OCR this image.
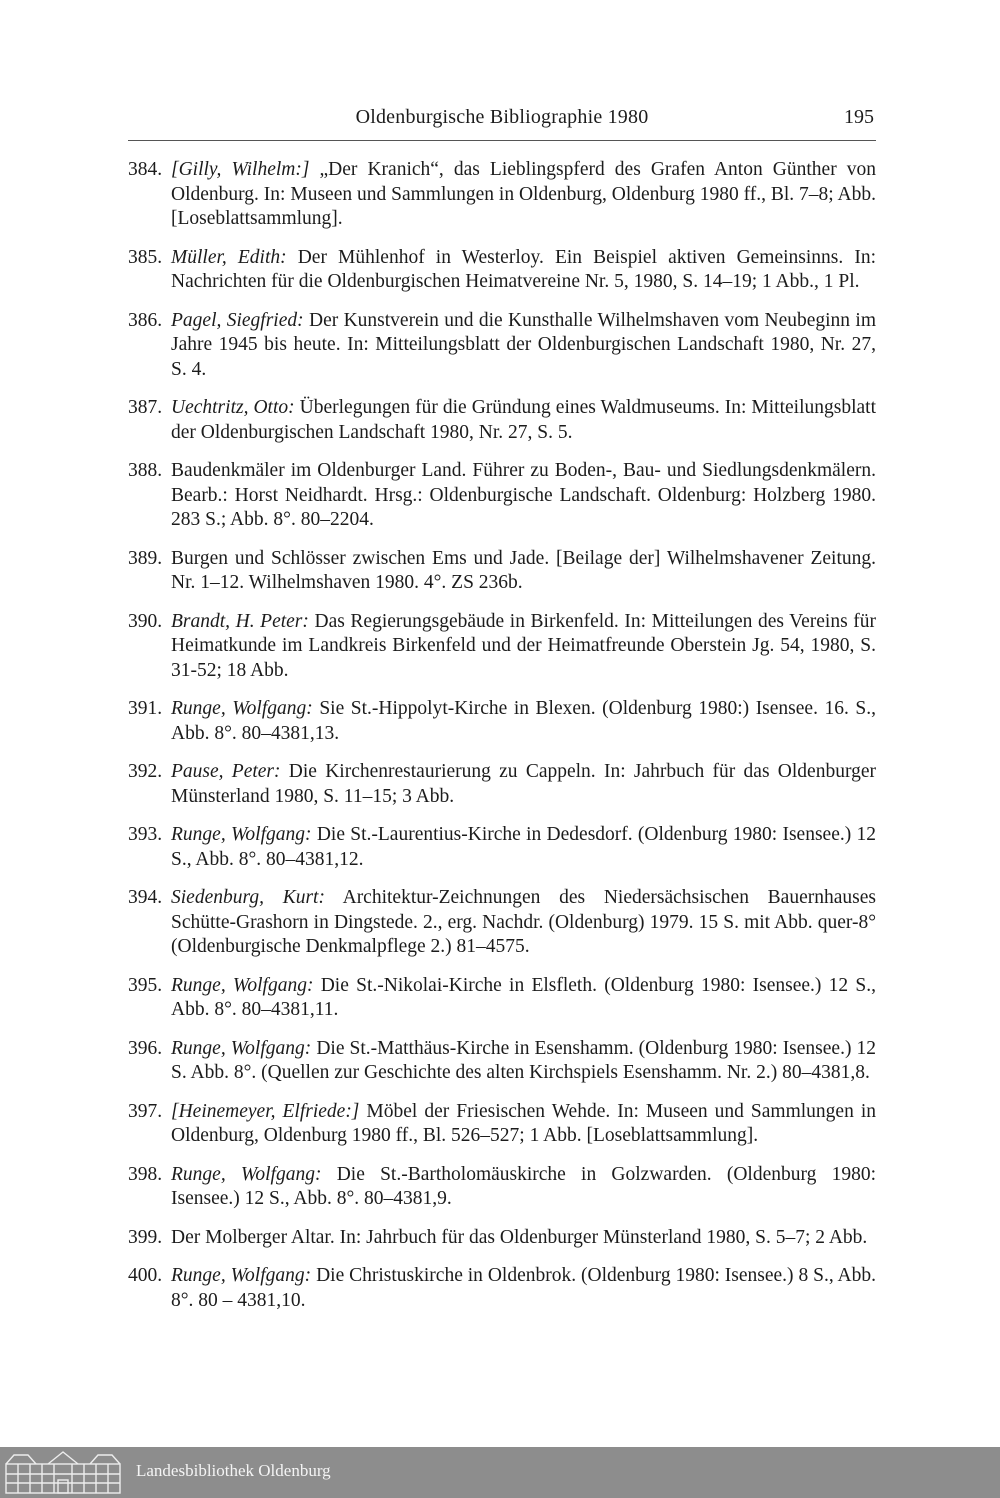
Oldenburgische Bibliographie 1980	195

384. [Gilly, Wilhelm:] „Der Kranich“, das Lieblingspferd des Grafen Anton Günther von Oldenburg. In: Museen und Sammlungen in Oldenburg, Oldenburg 1980 ff., Bl. 7–8; Abb. [Loseblattsammlung].

385. Müller, Edith: Der Mühlenhof in Westerloy. Ein Beispiel aktiven Gemeinsinns. In: Nachrichten für die Oldenburgischen Heimatvereine Nr. 5, 1980, S. 14–19; 1 Abb., 1 Pl.

386. Pagel, Siegfried: Der Kunstverein und die Kunsthalle Wilhelmshaven vom Neubeginn im Jahre 1945 bis heute. In: Mitteilungsblatt der Oldenburgischen Landschaft 1980, Nr. 27, S. 4.

387. Uechtritz, Otto: Überlegungen für die Gründung eines Waldmuseums. In: Mitteilungsblatt der Oldenburgischen Landschaft 1980, Nr. 27, S. 5.

388. Baudenkmäler im Oldenburger Land. Führer zu Boden-, Bau- und Siedlungsdenkmälern. Bearb.: Horst Neidhardt. Hrsg.: Oldenburgische Landschaft. Oldenburg: Holzberg 1980. 283 S.; Abb. 8°. 80–2204.

389. Burgen und Schlösser zwischen Ems und Jade. [Beilage der] Wilhelmshavener Zeitung. Nr. 1–12. Wilhelmshaven 1980. 4°. ZS 236b.

390. Brandt, H. Peter: Das Regierungsgebäude in Birkenfeld. In: Mitteilungen des Vereins für Heimatkunde im Landkreis Birkenfeld und der Heimatfreunde Oberstein Jg. 54, 1980, S. 31-52; 18 Abb.

391. Runge, Wolfgang: Sie St.-Hippolyt-Kirche in Blexen. (Oldenburg 1980:) Isensee. 16. S., Abb. 8°. 80–4381,13.

392. Pause, Peter: Die Kirchenrestaurierung zu Cappeln. In: Jahrbuch für das Oldenburger Münsterland 1980, S. 11–15; 3 Abb.

393. Runge, Wolfgang: Die St.-Laurentius-Kirche in Dedesdorf. (Oldenburg 1980: Isensee.) 12 S., Abb. 8°. 80–4381,12.

394. Siedenburg, Kurt: Architektur-Zeichnungen des Niedersächsischen Bauernhauses Schütte-Grashorn in Dingstede. 2., erg. Nachdr. (Oldenburg) 1979. 15 S. mit Abb. quer-8° (Oldenburgische Denkmalpflege 2.) 81–4575.

395. Runge, Wolfgang: Die St.-Nikolai-Kirche in Elsfleth. (Oldenburg 1980: Isensee.) 12 S., Abb. 8°. 80–4381,11.

396. Runge, Wolfgang: Die St.-Matthäus-Kirche in Esenshamm. (Oldenburg 1980: Isensee.) 12 S. Abb. 8°. (Quellen zur Geschichte des alten Kirchspiels Esenshamm. Nr. 2.) 80–4381,8.

397. [Heinemeyer, Elfriede:] Möbel der Friesischen Wehde. In: Museen und Sammlungen in Oldenburg, Oldenburg 1980 ff., Bl. 526–527; 1 Abb. [Loseblattsammlung].

398. Runge, Wolfgang: Die St.-Bartholomäuskirche in Golzwarden. (Oldenburg 1980: Isensee.) 12 S., Abb. 8°. 80–4381,9.

399. Der Molberger Altar. In: Jahrbuch für das Oldenburger Münsterland 1980, S. 5–7; 2 Abb.

400. Runge, Wolfgang: Die Christuskirche in Oldenbrok. (Oldenburg 1980: Isensee.) 8 S., Abb. 8°. 80 – 4381,10.

Landesbibliothek Oldenburg
